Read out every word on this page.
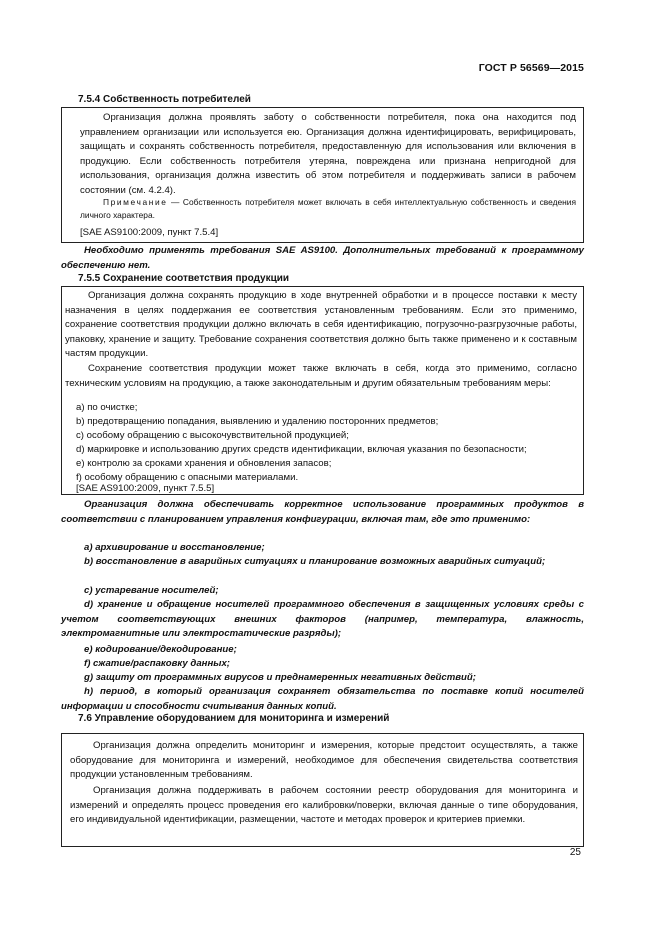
ГОСТ Р 56569—2015
7.5.4 Собственность потребителей

Организация должна проявлять заботу о собственности потребителя, пока она находится под управлением организации или используется ею. Организация должна идентифицировать, верифицировать, защищать и сохранять собственность потребителя, предоставленную для использования или включения в продукцию. Если собственность потребителя утеряна, повреждена или признана непригодной для использования, организация должна известить об этом потребителя и поддерживать записи в рабочем состоянии (см. 4.2.4).

Примечание — Собственность потребителя может включать в себя интеллектуальную собственность и сведения личного характера.

[SAE AS9100:2009, пункт 7.5.4]

Необходимо применять требования SAE AS9100. Дополнительных требований к программному обеспечению нет.

7.5.5 Сохранение соответствия продукции

Организация должна сохранять продукцию в ходе внутренней обработки и в процессе поставки к месту назначения в целях поддержания ее соответствия установленным требованиям. Если это применимо, сохранение соответствия продукции должно включать в себя идентификацию, погрузочно-разгрузочные работы, упаковку, хранение и защиту. Требование сохранения соответствия должно быть также применено и к составным частям продукции.

Сохранение соответствия продукции может также включать в себя, когда это применимо, согласно техническим условиям на продукцию, а также законодательным и другим обязательным требованиям меры:

a) по очистке;
b) предотвращению попадания, выявлению и удалению посторонних предметов;
c) особому обращению с высокочувствительной продукцией;
d) маркировке и использованию других средств идентификации, включая указания по безопасности;
e) контролю за сроками хранения и обновления запасов;
f) особому обращению с опасными материалами.
[SAE AS9100:2009, пункт 7.5.5]

Организация должна обеспечивать корректное использование программных продуктов в соответствии с планированием управления конфигурации, включая там, где это применимо:

a) архивирование и восстановление;

b) восстановление в аварийных ситуациях и планирование возможных аварийных ситуаций;

c) устаревание носителей;

d) хранение и обращение носителей программного обеспечения в защищенных условиях среды с учетом соответствующих внешних факторов (например, температура, влажность, электромагнитные или электростатические разряды);

e) кодирование/декодирование;
f) сжатие/распаковку данных;
g) защиту от программных вирусов и преднамеренных негативных действий;

h) период, в который организация сохраняет обязательства по поставке копий носителей информации и способности считывания данных копий.

7.6 Управление оборудованием для мониторинга и измерений

Организация должна определить мониторинг и измерения, которые предстоит осуществлять, а также оборудование для мониторинга и измерений, необходимое для обеспечения свидетельства соответствия продукции установленным требованиям.

Организация должна поддерживать в рабочем состоянии реестр оборудования для мониторинга и измерений и определять процесс проведения его калибровки/поверки, включая данные о типе оборудования, его индивидуальной идентификации, размещении, частоте и методах проверок и критериев приемки.

25
